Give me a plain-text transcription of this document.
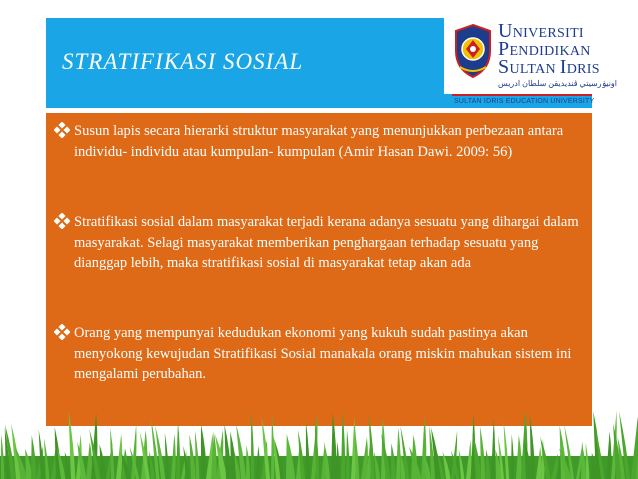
STRATIFIKASI SOSIAL
UNIVERSITI
PENDIDIKAN
SULTAN IDRIS
اونيۏرسيتي ڤنديديقن سلطان ادريس
SULTAN IDRIS EDUCATION UNIVERSITY
Susun lapis secara hierarki struktur masyarakat yang menunjukkan perbezaan antara individu- individu atau kumpulan- kumpulan (Amir Hasan Dawi. 2009: 56)
Stratifikasi sosial dalam masyarakat terjadi kerana adanya sesuatu yang dihargai dalam masyarakat. Selagi masyarakat memberikan penghargaan terhadap sesuatu yang dianggap lebih, maka stratifikasi sosial di masyarakat tetap akan ada
Orang yang mempunyai kedudukan ekonomi yang kukuh sudah pastinya akan menyokong kewujudan Stratifikasi Sosial manakala orang miskin mahukan sistem ini mengalami perubahan.
